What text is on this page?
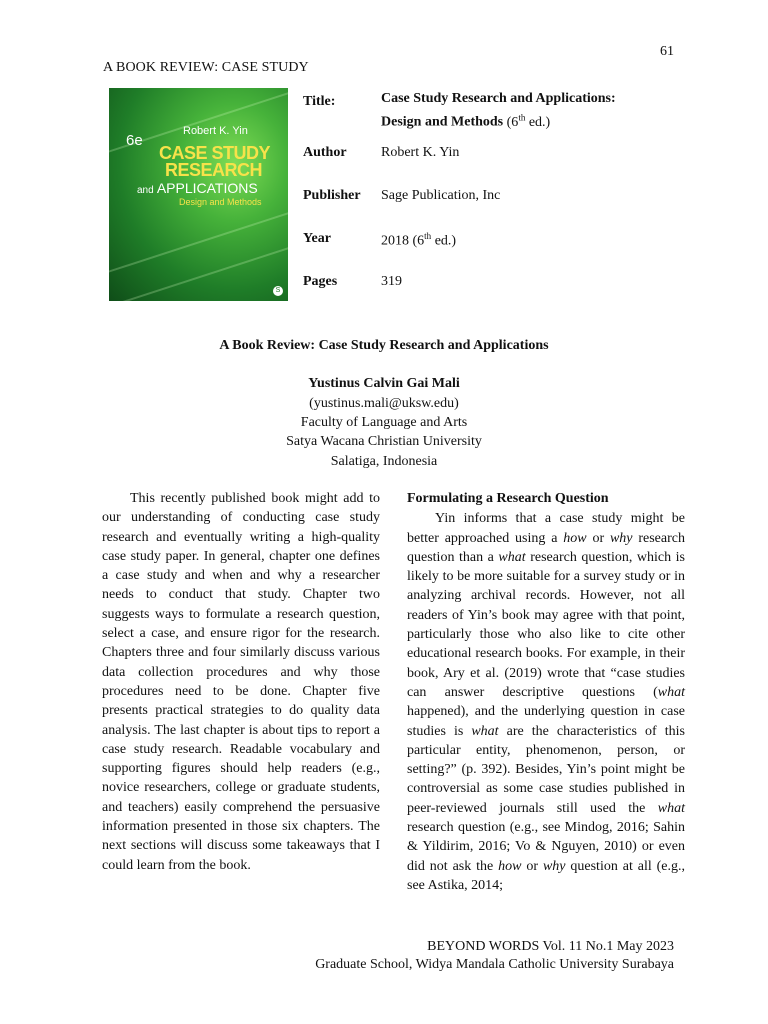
61
A BOOK REVIEW: CASE STUDY
6e
Robert K. Yin
CASE STUDY
RESEARCH
and APPLICATIONS
Design and Methods
S
Title:	Case Study Research and Applications:
Design and Methods (6th ed.)
Author Robert K. Yin
Publisher Sage Publication, Inc
Year	2018 (6th ed.)
Pages	319
A Book Review: Case Study Research and Applications
Yustinus Calvin Gai Mali
(yustinus.mali@uksw.edu)
Faculty of Language and Arts
Satya Wacana Christian University
Salatiga, Indonesia

This recently published book might add to our understanding of conducting case study research and eventually writing a high-quality case study paper. In general, chapter one defines a case study and when and why a researcher needs to conduct that study. Chapter two suggests ways to formulate a research question, select a case, and ensure rigor for the research. Chapters three and four similarly discuss various data collection procedures and why those procedures need to be done. Chapter five presents practical strategies to do quality data analysis. The last chapter is about tips to report a case study research. Readable vocabulary and supporting figures should help readers (e.g., novice researchers, college or graduate students, and teachers) easily comprehend the persuasive information presented in those six chapters. The next sections will discuss some takeaways that I could learn from the book.

Formulating a Research Question

Yin informs that a case study might be better approached using a how or why research question than a what research question, which is likely to be more suitable for a survey study or in analyzing archival records. However, not all readers of Yin’s book may agree with that point, particularly those who also like to cite other educational research books. For example, in their book, Ary et al. (2019) wrote that “case studies can answer descriptive questions (what happened), and the underlying question in case studies is what are the characteristics of this particular entity, phenomenon, person, or setting?” (p. 392). Besides, Yin’s point might be controversial as some case studies published in peer-reviewed journals still used the what research question (e.g., see Mindog, 2016; Sahin & Yildirim, 2016; Vo & Nguyen, 2010) or even did not ask the how or why question at all (e.g., see Astika, 2014;

BEYOND WORDS Vol. 11 No.1 May 2023
Graduate School, Widya Mandala Catholic University Surabaya
